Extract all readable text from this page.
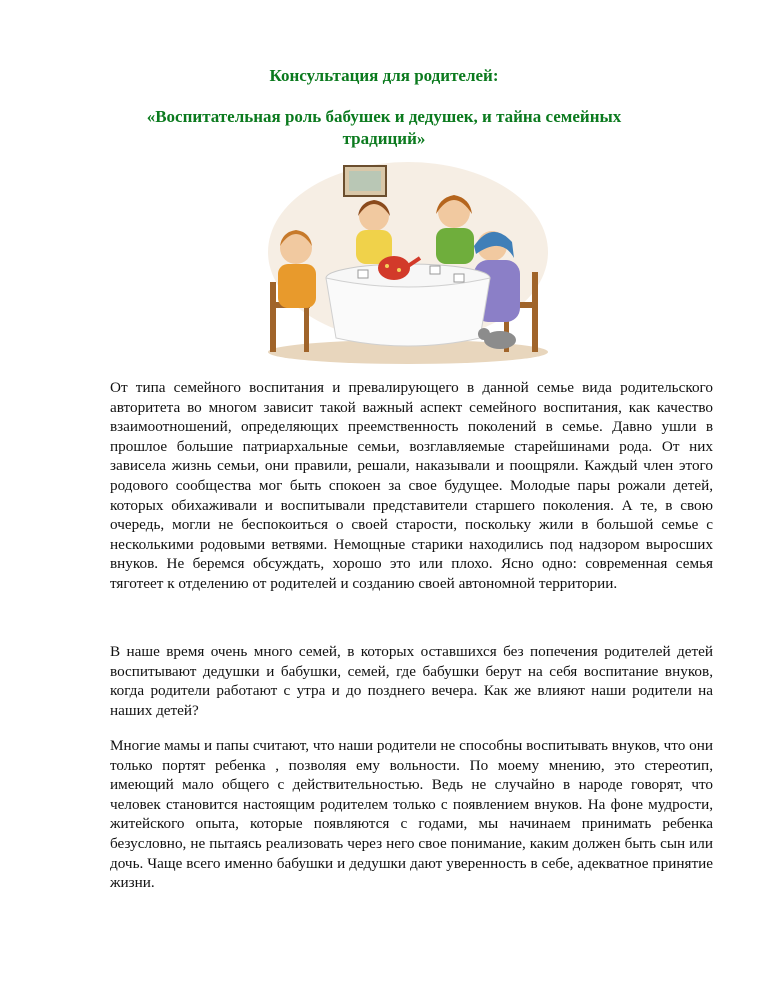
Консультация для родителей:
«Воспитательная роль бабушек и дедушек, и тайна семейных традиций»

От типа семейного воспитания и превалирующего в данной семье вида родительского авторитета во многом зависит такой важный аспект семейного воспитания, как качество взаимоотношений, определяющих преемственность поколений в семье. Давно ушли в прошлое большие патриархальные семьи, возглавляемые старейшинами рода. От них зависела жизнь семьи, они правили, решали, наказывали и поощряли. Каждый член этого родового сообщества мог быть спокоен за свое будущее. Молодые пары рожали детей, которых обихаживали и воспитывали представители старшего поколения. А те, в свою очередь, могли не беспокоиться о своей старости, поскольку жили в большой семье с несколькими родовыми ветвями. Немощные старики находились под надзором выросших внуков. Не беремся обсуждать, хорошо это или плохо. Ясно одно: современная семья тяготеет к отделению от родителей и созданию своей автономной территории.

В наше время очень много семей, в которых оставшихся без попечения родителей детей воспитывают дедушки и бабушки, семей, где бабушки берут на себя воспитание внуков, когда родители работают с утра и до позднего вечера. Как же влияют наши родители на наших детей?

Многие мамы и папы считают, что наши родители не способны воспитывать внуков, что они только портят ребенка , позволяя ему вольности. По моему мнению, это стереотип, имеющий мало общего с действительностью. Ведь не случайно в народе говорят, что человек становится настоящим родителем только с появлением внуков. На фоне мудрости, житейского опыта, которые появляются с годами, мы начинаем принимать ребенка безусловно, не пытаясь реализовать через него свое понимание, каким должен быть сын или дочь. Чаще всего именно бабушки и дедушки дают уверенность в себе, адекватное принятие жизни.
